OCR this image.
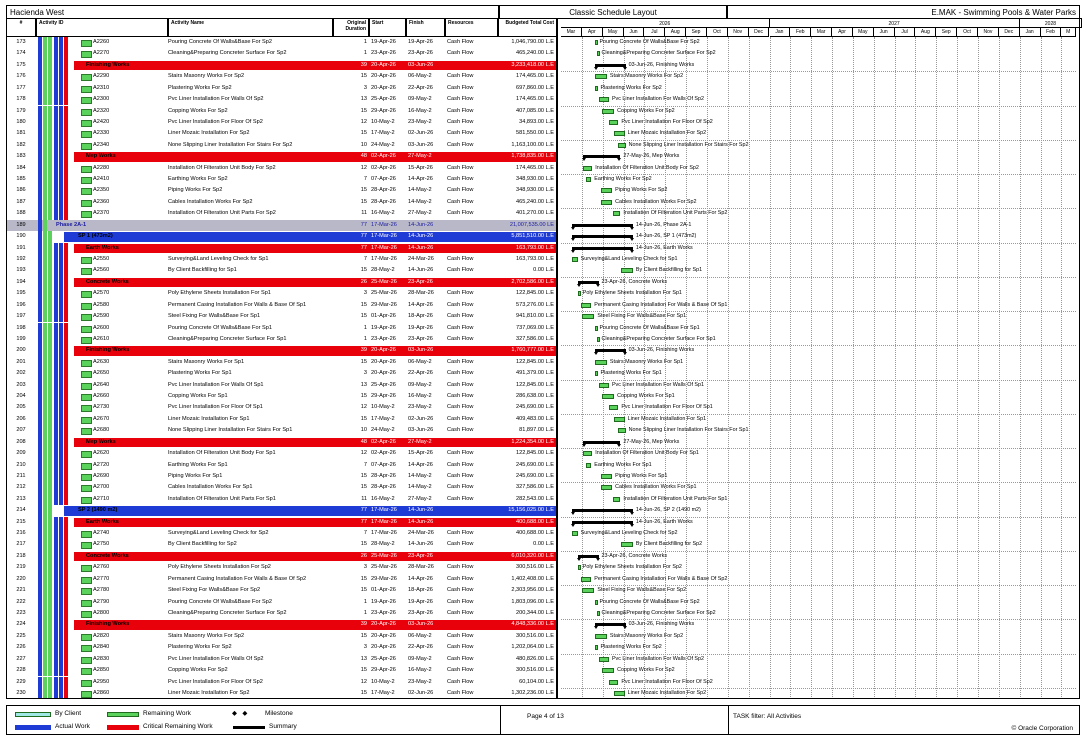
Hacienda West	Classic Schedule Layout	E.MAK - Swimming Pools & Water Parks
#	Activity ID	Activity Name	Original Duration
Start	Finish	Resources	Budgeted Total Cost	2026	2027	2028
Mar	Apr	May	Jun	Jul	Aug	Sep	Oct	Nov	Dec	Jan	Feb	Mar	Apr	May	Jun	Jul	Aug	Sep	Oct	Nov	Dec	Jan	Feb	M
173	A2260	Pouring Concrete Of Walls&Base For Sp2	1 19-Apr-26	19-Apr-26	Cash Flow	1,046,790.00 L.E
174	A2270	Cleaning&Preparing Concreter Surface For Sp2	1 23-Apr-26	23-Apr-26	Cash Flow	465,240.00 L.E
175	Finishing Works	39 20-Apr-26	03-Jun-26	3,233,418.00 L.E
176	A2290	Stairs Masonry Works For Sp2	15 20-Apr-26	06-May-2	Cash Flow	174,465.00 L.E
177	A2310	Plastering Works For Sp2	3 20-Apr-26	22-Apr-26	Cash Flow	697,860.00 L.E
178	A2300	Pvc Liner Installation For Walls Of Sp2	13 25-Apr-26	09-May-2	Cash Flow	174,465.00 L.E
179	A2320	Copping Works For Sp2	15 29-Apr-26	16-May-2	Cash Flow	407,085.00 L.E
180	A2420	Pvc Liner Installation For Floor Of Sp2	12 10-May-2	23-May-2	Cash Flow	34,893.00 L.E
181	A2330	Liner Mozaic Installation For Sp2	15 17-May-2	02-Jun-26	Cash Flow	581,550.00 L.E
182	A2340	None Slipping Liner Installation For Stairs For Sp2	10 24-May-2	03-Jun-26	Cash Flow	1,163,100.00 L.E
183	Mep Works	48 02-Apr-26	27-May-2	1,738,835.00 L.E
184	A2280	Installation Of Filteration Unit Body For Sp2	12 02-Apr-26	15-Apr-26	Cash Flow	174,465.00 L.E
185	A2410	Earthing Works For Sp2	7 07-Apr-26	14-Apr-26	Cash Flow	348,930.00 L.E
186	A2350	Piping Works For Sp2	15 28-Apr-26	14-May-2	Cash Flow	348,930.00 L.E
187	A2360	Cables Installation Works For Sp2	15 28-Apr-26	14-May-2	Cash Flow	465,240.00 L.E
188	A2370	Installation Of Filteration Unit Parts For Sp2	11 16-May-2	27-May-2	Cash Flow	401,270.00 L.E
189	Phase 2A-1	77 17-Mar-26	14-Jun-26	21,007,535.00 LE
190	SP 1 (473m2)	77 17-Mar-26	14-Jun-26	5,851,510.00 L.E
191	Earth Works	77 17-Mar-26	14-Jun-26	163,793.00 L.E
192	A2550	Surveying&Land Leveling Check for Sp1	7 17-Mar-26	24-Mar-26	Cash Flow	163,793.00 L.E
193	A2560	By Client Backfilling for Sp1	15 28-May-2	14-Jun-26	Cash Flow	0.00 L.E
194	Concrete Works	26 25-Mar-26	23-Apr-26	2,702,586.00 L.E
195	A2570	Poly Ethylene Sheets Installation For Sp1	3 25-Mar-26	28-Mar-26	Cash Flow	122,845.00 L.E
196	A2580	Permanent Casing Installation For Walls & Base Of Sp1	15 29-Mar-26	14-Apr-26	Cash Flow	573,276.00 L.E
197	A2590	Steel Fixing For Walls&Base For Sp1	15 01-Apr-26	18-Apr-26	Cash Flow	941,810.00 L.E
198	A2600	Pouring Concrete Of Walls&Base For Sp1	1 19-Apr-26	19-Apr-26	Cash Flow	737,069.00 L.E
199	A2610	Cleaning&Preparing Concreter Surface For Sp1	1 23-Apr-26	23-Apr-26	Cash Flow	327,586.00 L.E
200	Finishing Works	39 20-Apr-26	03-Jun-26	1,760,777.00 L.E
201	A2630	Stairs Masonry Works For Sp1	15 20-Apr-26	06-May-2	Cash Flow	122,845.00 L.E
202	A2650	Plastering Works For Sp1	3 20-Apr-26	22-Apr-26	Cash Flow	491,379.00 L.E
203	A2640	Pvc Liner Installation For Walls Of Sp1	13 25-Apr-26	09-May-2	Cash Flow	122,845.00 L.E
204	A2660	Copping Works For Sp1	15 29-Apr-26	16-May-2	Cash Flow	286,638.00 L.E
205	A2730	Pvc Liner Installation For Floor Of Sp1	12 10-May-2	23-May-2	Cash Flow	245,690.00 L.E
206	A2670	Liner Mozaic Installation For Sp1	15 17-May-2	02-Jun-26	Cash Flow	409,483.00 L.E
207	A2680	None Slipping Liner Installation For Stairs For Sp1	10 24-May-2	03-Jun-26	Cash Flow	81,897.00 L.E
208	Mep Works	48 02-Apr-26	27-May-2	1,224,354.00 L.E
209	A2620	Installation Of Filteration Unit Body For Sp1	12 02-Apr-26	15-Apr-26	Cash Flow	122,845.00 L.E
210	A2720	Earthing Works For Sp1	7 07-Apr-26	14-Apr-26	Cash Flow	245,690.00 L.E
211	A2690	Piping Works For Sp1	15 28-Apr-26	14-May-2	Cash Flow	245,690.00 L.E
212	A2700	Cables Installation Works For Sp1	15 28-Apr-26	14-May-2	Cash Flow	327,586.00 L.E
213	A2710	Installation Of Filteration Unit Parts For Sp1	11 16-May-2	27-May-2	Cash Flow	282,543.00 L.E
214	SP 2 (1490 m2)	77 17-Mar-26	14-Jun-26	15,156,025.00 L.E
215	Earth Works	77 17-Mar-26	14-Jun-26	400,688.00 L.E
216	A2740	Surveying&Land Leveling Check for Sp2	7 17-Mar-26	24-Mar-26	Cash Flow	400,688.00 L.E
217	A2750	By Client Backfilling for Sp2	15 28-May-2	14-Jun-26	Cash Flow	0.00 L.E
218	Concrete Works	26 25-Mar-26	23-Apr-26	6,010,320.00 L.E
219	A2760	Poly Ethylene Sheets Installation For Sp2	3 25-Mar-26	28-Mar-26	Cash Flow	300,516.00 L.E
220	A2770	Permanent Casing Installation For Walls & Base Of Sp2	15 29-Mar-26	14-Apr-26	Cash Flow	1,402,408.00 L.E
221	A2780	Steel Fixing For Walls&Base For Sp2	15 01-Apr-26	18-Apr-26	Cash Flow	2,303,956.00 L.E
222	A2790	Pouring Concrete Of Walls&Base For Sp2	1 19-Apr-26	19-Apr-26	Cash Flow	1,803,096.00 L.E
223	A2800	Cleaning&Preparing Concreter Surface For Sp2	1 23-Apr-26	23-Apr-26	Cash Flow	200,344.00 L.E
224	Finishing Works	39 20-Apr-26	03-Jun-26	4,848,336.00 L.E
225	A2820	Stairs Masonry Works For Sp2	15 20-Apr-26	06-May-2	Cash Flow	300,516.00 L.E
226	A2840	Plastering Works For Sp2	3 20-Apr-26	22-Apr-26	Cash Flow	1,202,064.00 L.E
227	A2830	Pvc Liner Installation For Walls Of Sp2	13 25-Apr-26	09-May-2	Cash Flow	480,826.00 L.E
228	A2850	Copping Works For Sp2	15 29-Apr-26	16-May-2	Cash Flow	300,516.00 L.E
229	A2950	Pvc Liner Installation For Floor Of Sp2	12 10-May-2	23-May-2	Cash Flow	60,104.00 L.E
230	A2860	Liner Mozaic Installation For Sp2	15 17-May-2	02-Jun-26	Cash Flow	1,302,236.00 L.E
Pouring Concrete Of Walls&Base For Sp2
Cleaning&Preparing Concreter Surface For Sp2
03-Jun-26, Finishing Works
Stairs Masonry Works For Sp2
Plastering Works For Sp2
Pvc Liner Installation For Walls Of Sp2
Copping Works For Sp2
Pvc Liner Installation For Floor Of Sp2
Liner Mozaic Installation For Sp2
None Slipping Liner Installation For Stairs For Sp2
27-May-26, Mep Works
Installation Of Filteration Unit Body For Sp2
Earthing Works For Sp2
Piping Works For Sp2
Cables Installation Works For Sp2
Installation Of Filteration Unit Parts For Sp2
14-Jun-26, Phase 2A-1
14-Jun-26, SP 1 (473m2)
14-Jun-26, Earth Works
Surveying&Land Leveling Check for Sp1
By Client Backfilling for Sp1
23-Apr-26, Concrete Works
Poly Ethylene Sheets Installation For Sp1
Permanent Casing Installation For Walls & Base Of Sp1
Steel Fixing For Walls&Base For Sp1
Pouring Concrete Of Walls&Base For Sp1
Cleaning&Preparing Concreter Surface For Sp1
03-Jun-26, Finishing Works
Stairs Masonry Works For Sp1
Plastering Works For Sp1
Pvc Liner Installation For Walls Of Sp1
Copping Works For Sp1
Pvc Liner Installation For Floor Of Sp1
Liner Mozaic Installation For Sp1
None Slipping Liner Installation For Stairs For Sp1
27-May-26, Mep Works
Installation Of Filteration Unit Body For Sp1
Earthing Works For Sp1
Piping Works For Sp1
Cables Installation Works For Sp1
Installation Of Filteration Unit Parts For Sp1
14-Jun-26, SP 2 (1490 m2)
14-Jun-26, Earth Works
Surveying&Land Leveling Check for Sp2
By Client Backfilling for Sp2
23-Apr-26, Concrete Works
Poly Ethylene Sheets Installation For Sp2
Permanent Casing Installation For Walls & Base Of Sp2
Steel Fixing For Walls&Base For Sp2
Pouring Concrete Of Walls&Base For Sp2
Cleaning&Preparing Concreter Surface For Sp2
03-Jun-26, Finishing Works
Stairs Masonry Works For Sp2
Plastering Works For Sp2
Pvc Liner Installation For Walls Of Sp2
Copping Works For Sp2
Pvc Liner Installation For Floor Of Sp2
Liner Mozaic Installation For Sp2
By Client
Actual Work
Remaining Work
Critical Remaining Work
◆   ◆	Milestone
Summary
Page 4 of 13	TASK filter: All Activities
© Oracle Corporation
